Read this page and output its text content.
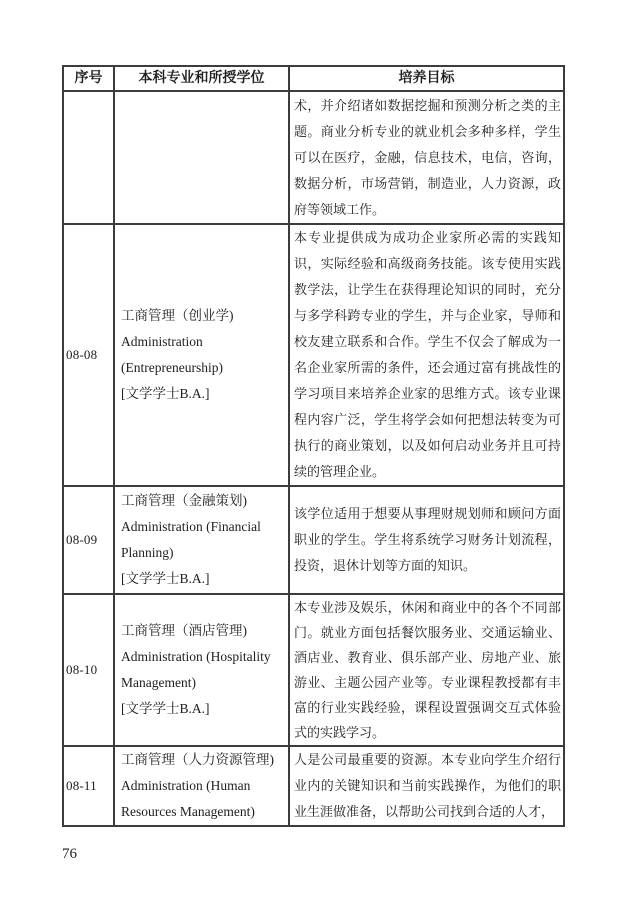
序号	本科专业和所授学位	培养目标
		术，并介绍诸如数据挖掘和预测分析之类的主题。商业分析专业的就业机会多种多样，学生可以在医疗，金融，信息技术，电信，咨询，数据分析，市场营销，制造业，人力资源，政府等领域工作。
08-08	工商管理（创业学)
Administration
(Entrepreneurship)
[文学学士B.A.]	本专业提供成为成功企业家所必需的实践知识，实际经验和高级商务技能。该专使用实践教学法，让学生在获得理论知识的同时，充分与多学科跨专业的学生，并与企业家，导师和校友建立联系和合作。学生不仅会了解成为一名企业家所需的条件，还会通过富有挑战性的学习项目来培养企业家的思维方式。该专业课程内容广泛，学生将学会如何把想法转变为可执行的商业策划，以及如何启动业务并且可持续的管理企业。
08-09	工商管理（金融策划)
Administration (Financial
Planning)
[文学学士B.A.]	该学位适用于想要从事理财规划师和顾问方面职业的学生。学生将系统学习财务计划流程，投资，退休计划等方面的知识。
08-10	工商管理（酒店管理)
Administration (Hospitality
Management)
[文学学士B.A.]	本专业涉及娱乐，休闲和商业中的各个不同部门。就业方面包括餐饮服务业、交通运输业、酒店业、教育业、俱乐部产业、房地产业、旅游业、主题公园产业等。专业课程教授都有丰富的行业实践经验，课程设置强调交互式体验式的实践学习。
08-11	工商管理（人力资源管理)
Administration (Human
Resources Management)	人是公司最重要的资源。本专业向学生介绍行业内的关键知识和当前实践操作，为他们的职业生涯做准备，以帮助公司找到合适的人才，
76
